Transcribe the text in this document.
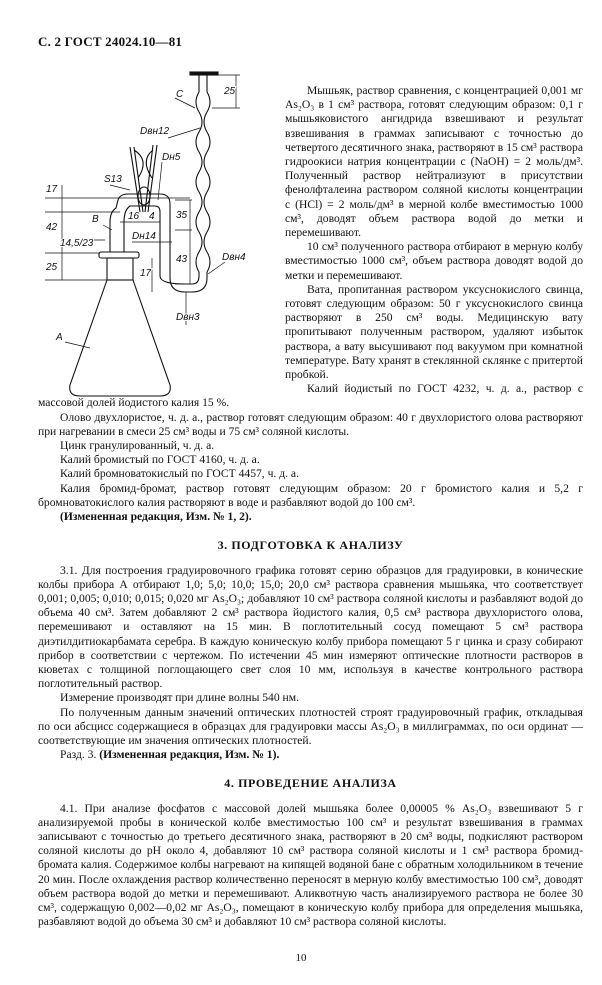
С. 2 ГОСТ 24024.10—81
C
Dвн12
S13
Dн5
B
14,5/23
Dн14
16 4 35
43
17
Dвн4
Dвн3
25
17
42
25
A

Мышьяк, раствор сравнения, с концентрацией 0,001 мг As₂O₃ в 1 см³ раствора, готовят следующим образом: 0,1 г мышьяковистого ангидрида взвешивают и результат взвешивания в граммах записывают с точностью до четвертого десятичного знака, растворяют в 15 см³ раствора гидроокиси натрия концентрации c (NaOH) = 2 моль/дм³. Полученный раствор нейтрализуют в присутствии фенолфталеина раствором соляной кислоты концентрации c (HCl) = 2 моль/дм³ в мерной колбе вместимостью 1000 см³, доводят объем раствора водой до метки и перемешивают.

10 см³ полученного раствора отбирают в мерную колбу вместимостью 1000 см³, объем раствора доводят водой до метки и перемешивают.

Вата, пропитанная раствором уксуснокислого свинца, готовят следующим образом: 50 г уксуснокислого свинца растворяют в 250 см³ воды. Медицинскую вату пропитывают полученным раствором, удаляют избыток раствора, а вату высушивают под вакуумом при комнатной температуре. Вату хранят в стеклянной склянке с притертой пробкой.

Калий йодистый по ГОСТ 4232, ч. д. а., раствор с массовой долей йодистого калия 15 %.

Олово двухлористое, ч. д. а., раствор готовят следующим образом: 40 г двухлористого олова растворяют при нагревании в смеси 25 см³ воды и 75 см³ соляной кислоты.

Цинк гранулированный, ч. д. а.

Калий бромистый по ГОСТ 4160, ч. д. а.

Калий бромноватокислый по ГОСТ 4457, ч. д. а.

Калия бромид-бромат, раствор готовят следующим образом: 20 г бромистого калия и 5,2 г бромноватокислого калия растворяют в воде и разбавляют водой до 100 см³.

(Измененная редакция, Изм. № 1, 2).

3. ПОДГОТОВКА К АНАЛИЗУ

3.1. Для построения градуировочного графика готовят серию образцов для градуировки, в конические колбы прибора А отбирают 1,0; 5,0; 10,0; 15,0; 20,0 см³ раствора сравнения мышьяка, что соответствует 0,001; 0,005; 0,010; 0,015; 0,020 мг As₂O₃; добавляют 10 см³ раствора соляной кислоты и разбавляют водой до объема 40 см³. Затем добавляют 2 см³ раствора йодистого калия, 0,5 см³ раствора двухлористого олова, перемешивают и оставляют на 15 мин. В поглотительный сосуд помещают 5 см³ раствора диэтилдитиокарбамата серебра. В каждую коническую колбу прибора помещают 5 г цинка и сразу собирают прибор в соответствии с чертежом. По истечении 45 мин измеряют оптические плотности растворов в кюветах с толщиной поглощающего свет слоя 10 мм, используя в качестве контрольного раствора поглотительный раствор.

Измерение производят при длине волны 540 нм.

По полученным данным значений оптических плотностей строят градуировочный график, откладывая по оси абсцисс содержащиеся в образцах для градуировки массы As₂O₃ в миллиграммах, по оси ординат — соответствующие им значения оптических плотностей.

Разд. 3. (Измененная редакция, Изм. № 1).

4. ПРОВЕДЕНИЕ АНАЛИЗА

4.1. При анализе фосфатов с массовой долей мышьяка более 0,00005 % As₂O₃ взвешивают 5 г анализируемой пробы в конической колбе вместимостью 100 см³ и результат взвешивания в граммах записывают с точностью до третьего десятичного знака, растворяют в 20 см³ воды, подкисляют раствором соляной кислоты до pH около 4, добавляют 10 см³ раствора соляной кислоты и 1 см³ раствора бромид-бромата калия. Содержимое колбы нагревают на кипящей водяной бане с обратным холодильником в течение 20 мин. После охлаждения раствор количественно переносят в мерную колбу вместимостью 100 см³, доводят объем раствора водой до метки и перемешивают. Аликвотную часть анализируемого раствора не более 30 см³, содержащую 0,002—0,02 мг As₂O₃, помещают в коническую колбу прибора для определения мышьяка, разбавляют водой до объема 30 см³ и добавляют 10 см³ раствора соляной кислоты.

10
